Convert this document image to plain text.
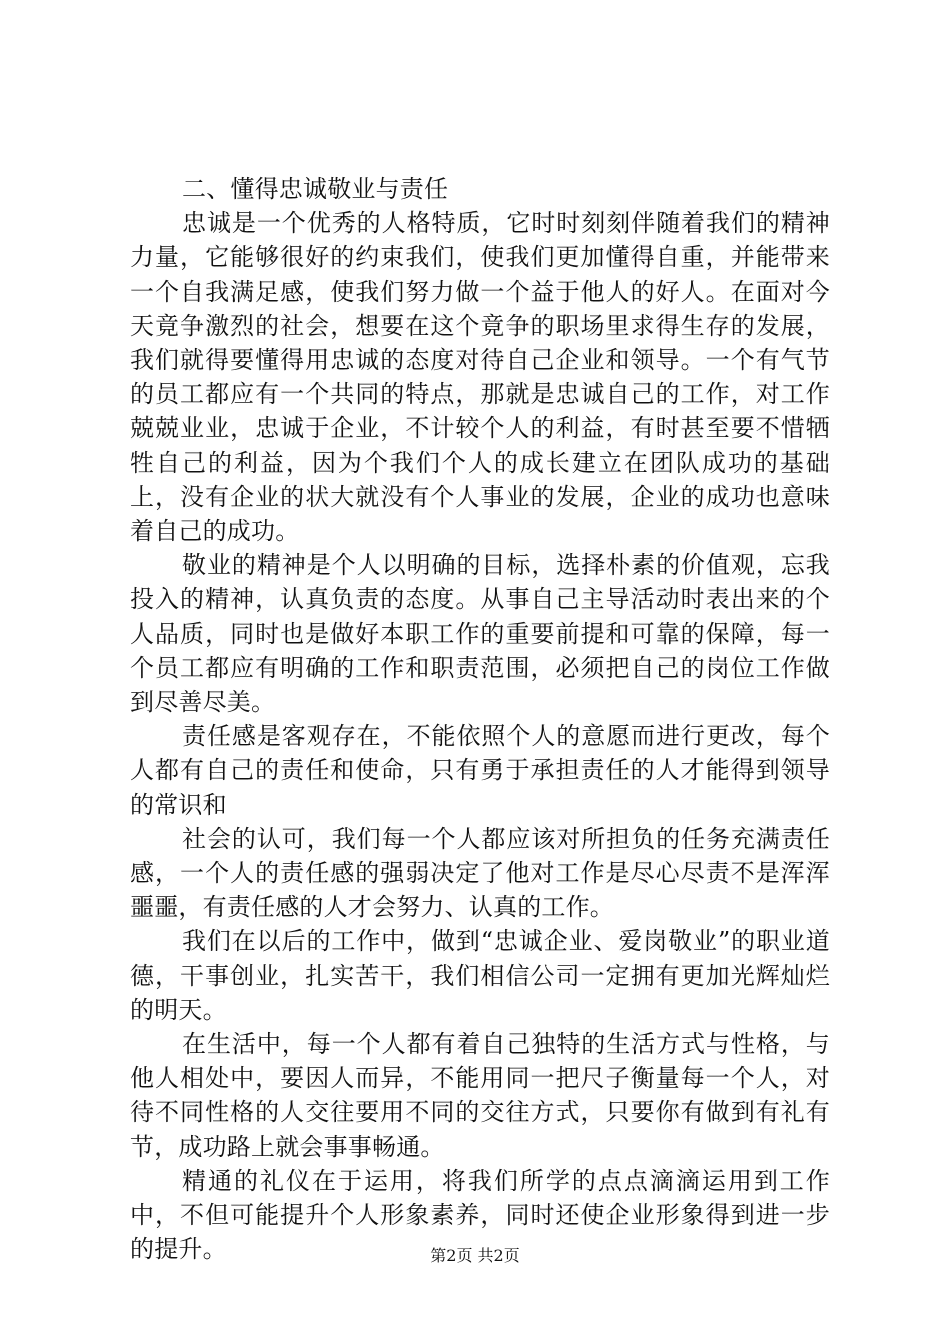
二、懂得忠诚敬业与责任

忠诚是一个优秀的人格特质，它时时刻刻伴随着我们的精神力量，它能够很好的约束我们，使我们更加懂得自重，并能带来一个自我满足感，使我们努力做一个益于他人的好人。在面对今天竟争激烈的社会，想要在这个竟争的职场里求得生存的发展，我们就得要懂得用忠诚的态度对待自己企业和领导。一个有气节的员工都应有一个共同的特点，那就是忠诚自己的工作，对工作兢兢业业，忠诚于企业，不计较个人的利益，有时甚至要不惜牺牲自己的利益，因为个我们个人的成长建立在团队成功的基础上，没有企业的状大就没有个人事业的发展，企业的成功也意味着自己的成功。

敬业的精神是个人以明确的目标，选择朴素的价值观，忘我投入的精神，认真负责的态度。从事自己主导活动时表出来的个人品质，同时也是做好本职工作的重要前提和可靠的保障，每一个员工都应有明确的工作和职责范围，必须把自己的岗位工作做到尽善尽美。

责任感是客观存在，不能依照个人的意愿而进行更改，每个人都有自己的责任和使命，只有勇于承担责任的人才能得到领导的常识和

社会的认可，我们每一个人都应该对所担负的任务充满责任感，一个人的责任感的强弱决定了他对工作是尽心尽责不是浑浑噩噩，有责任感的人才会努力、认真的工作。

我们在以后的工作中，做到“忠诚企业、爱岗敬业”的职业道德，干事创业，扎实苦干，我们相信公司一定拥有更加光辉灿烂的明天。

在生活中，每一个人都有着自己独特的生活方式与性格，与他人相处中，要因人而异，不能用同一把尺子衡量每一个人，对待不同性格的人交往要用不同的交往方式，只要你有做到有礼有节，成功路上就会事事畅通。

精通的礼仪在于运用，将我们所学的点点滴滴运用到工作中，不但可能提升个人形象素养，同时还使企业形象得到进一步的提升。	第2页 共2页
